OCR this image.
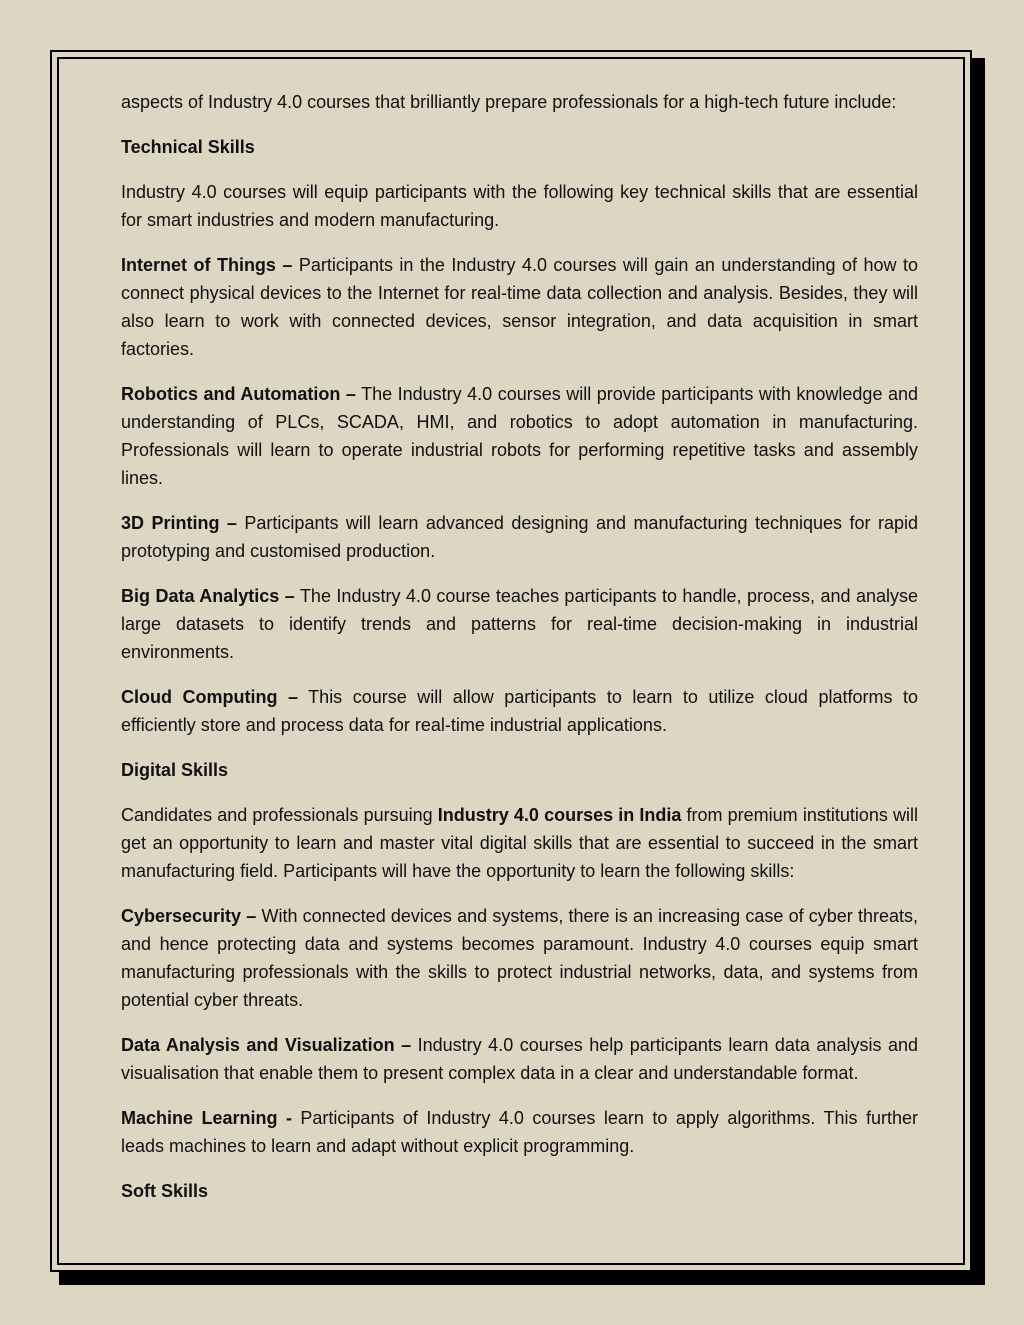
aspects of Industry 4.0 courses that brilliantly prepare professionals for a high-tech future include:

Technical Skills

Industry 4.0 courses will equip participants with the following key technical skills that are essential for smart industries and modern manufacturing.

Internet of Things – Participants in the Industry 4.0 courses will gain an understanding of how to connect physical devices to the Internet for real-time data collection and analysis. Besides, they will also learn to work with connected devices, sensor integration, and data acquisition in smart factories.

Robotics and Automation – The Industry 4.0 courses will provide participants with knowledge and understanding of PLCs, SCADA, HMI, and robotics to adopt automation in manufacturing. Professionals will learn to operate industrial robots for performing repetitive tasks and assembly lines.

3D Printing – Participants will learn advanced designing and manufacturing techniques for rapid prototyping and customised production.

Big Data Analytics – The Industry 4.0 course teaches participants to handle, process, and analyse large datasets to identify trends and patterns for real-time decision-making in industrial environments.

Cloud Computing – This course will allow participants to learn to utilize cloud platforms to efficiently store and process data for real-time industrial applications.

Digital Skills

Candidates and professionals pursuing Industry 4.0 courses in India from premium institutions will get an opportunity to learn and master vital digital skills that are essential to succeed in the smart manufacturing field. Participants will have the opportunity to learn the following skills:

Cybersecurity – With connected devices and systems, there is an increasing case of cyber threats, and hence protecting data and systems becomes paramount. Industry 4.0 courses equip smart manufacturing professionals with the skills to protect industrial networks, data, and systems from potential cyber threats.

Data Analysis and Visualization – Industry 4.0 courses help participants learn data analysis and visualisation that enable them to present complex data in a clear and understandable format.

Machine Learning - Participants of Industry 4.0 courses learn to apply algorithms. This further leads machines to learn and adapt without explicit programming.

Soft Skills
